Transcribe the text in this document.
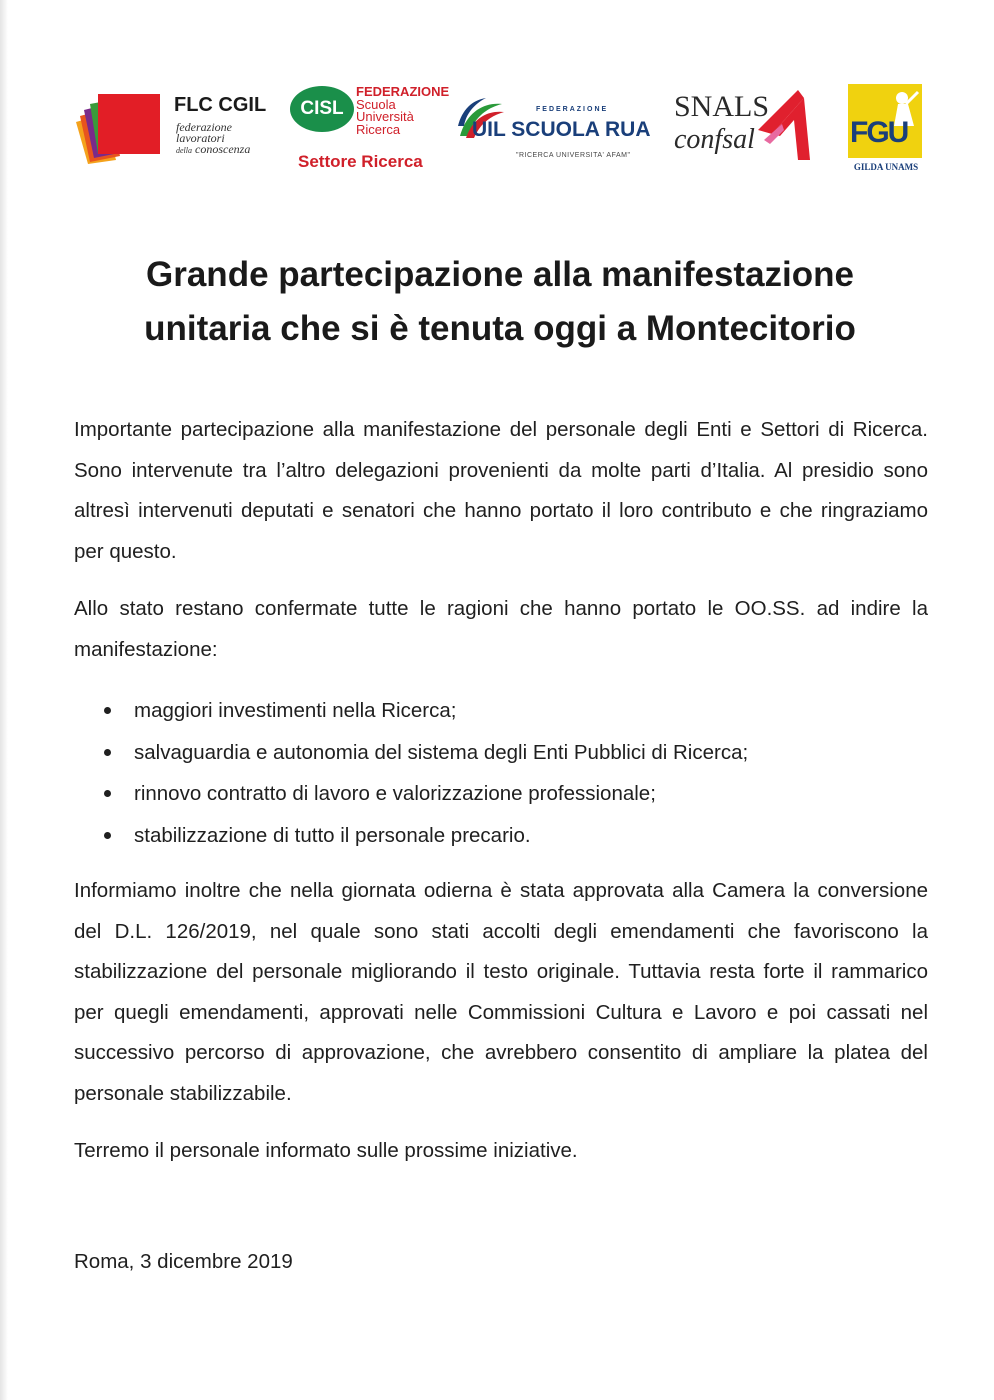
FLC CGIL
federazione
lavoratori
della conoscenza
CISL
FEDERAZIONE
Scuola
Università
Ricerca
Settore Ricerca
FEDERAZIONE
UIL SCUOLA RUA
"RICERCA UNIVERSITA' AFAM"
SNALS
confsal	FGU
GILDA UNAMS
Grande partecipazione alla manifestazione
unitaria che si è tenuta oggi a Montecitorio

Importante partecipazione alla manifestazione del personale degli Enti e Settori di Ricerca. Sono intervenute tra l’altro delegazioni provenienti da molte parti d’Italia. Al presidio sono altresì intervenuti deputati e senatori che hanno portato il loro contributo e che ringraziamo per questo.

Allo stato restano confermate tutte le ragioni che hanno portato le OO.SS. ad indire la manifestazione:

maggiori investimenti nella Ricerca;
salvaguardia e autonomia del sistema degli Enti Pubblici di Ricerca;
rinnovo contratto di lavoro e valorizzazione professionale;
stabilizzazione di tutto il personale precario.

Informiamo inoltre che nella giornata odierna è stata approvata alla Camera la conversione del D.L. 126/2019, nel quale sono stati accolti degli emendamenti che favoriscono la stabilizzazione del personale migliorando il testo originale. Tuttavia resta forte il rammarico per quegli emendamenti, approvati nelle Commissioni Cultura e Lavoro e poi cassati nel successivo percorso di approvazione, che avrebbero consentito di ampliare la platea del personale stabilizzabile.

Terremo il personale informato sulle prossime iniziative.

Roma, 3 dicembre 2019
